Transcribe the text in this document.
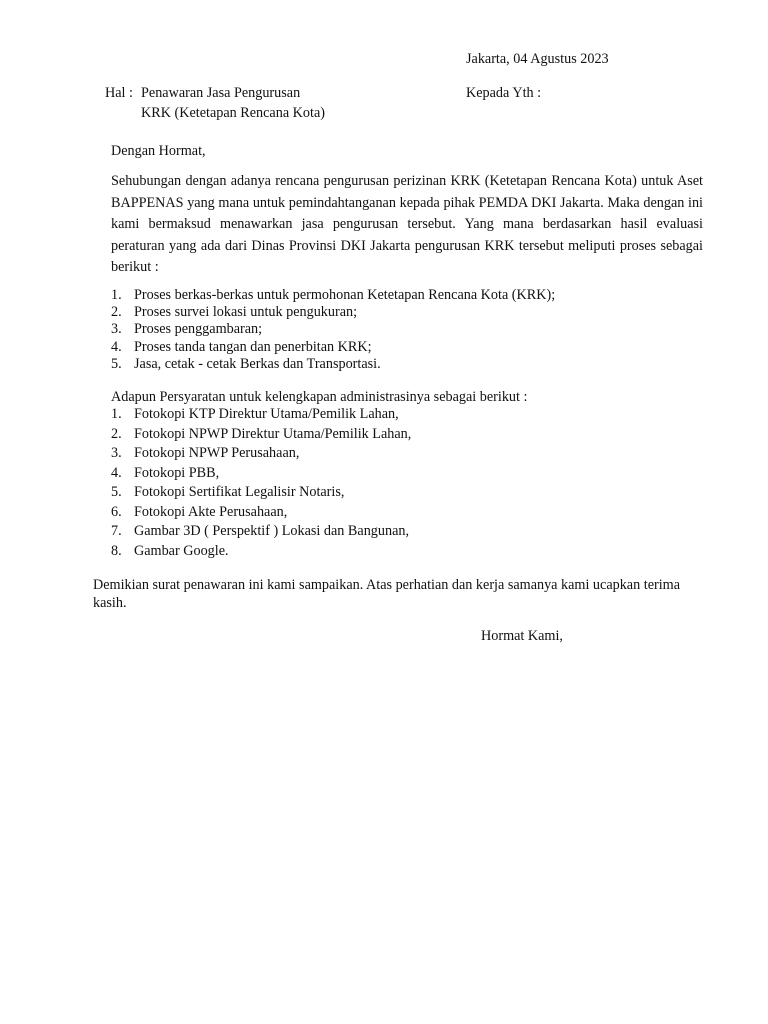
Jakarta, 04 Agustus 2023
Hal : Penawaran Jasa Pengurusan
KRK (Ketetapan Rencana Kota)
Kepada Yth :
Dengan Hormat,
Sehubungan dengan adanya rencana pengurusan perizinan KRK (Ketetapan Rencana Kota) untuk Aset BAPPENAS yang mana untuk pemindahtanganan kepada pihak PEMDA DKI Jakarta. Maka dengan ini kami bermaksud menawarkan jasa pengurusan tersebut. Yang mana berdasarkan hasil evaluasi peraturan yang ada dari Dinas Provinsi DKI Jakarta pengurusan KRK tersebut meliputi proses sebagai berikut :
1. Proses berkas-berkas untuk permohonan Ketetapan Rencana Kota (KRK);
2. Proses survei lokasi untuk pengukuran;
3. Proses penggambaran;
4. Proses tanda tangan dan penerbitan KRK;
5. Jasa, cetak - cetak Berkas dan Transportasi.
Adapun Persyaratan untuk kelengkapan administrasinya sebagai berikut :
1. Fotokopi KTP Direktur Utama/Pemilik Lahan,
2. Fotokopi NPWP Direktur Utama/Pemilik Lahan,
3. Fotokopi NPWP Perusahaan,
4. Fotokopi PBB,
5. Fotokopi Sertifikat Legalisir Notaris,
6. Fotokopi Akte Perusahaan,
7. Gambar 3D ( Perspektif ) Lokasi dan Bangunan,
8. Gambar Google.
Demikian surat penawaran ini kami sampaikan. Atas perhatian dan kerja samanya kami ucapkan terima kasih.
Hormat Kami,
